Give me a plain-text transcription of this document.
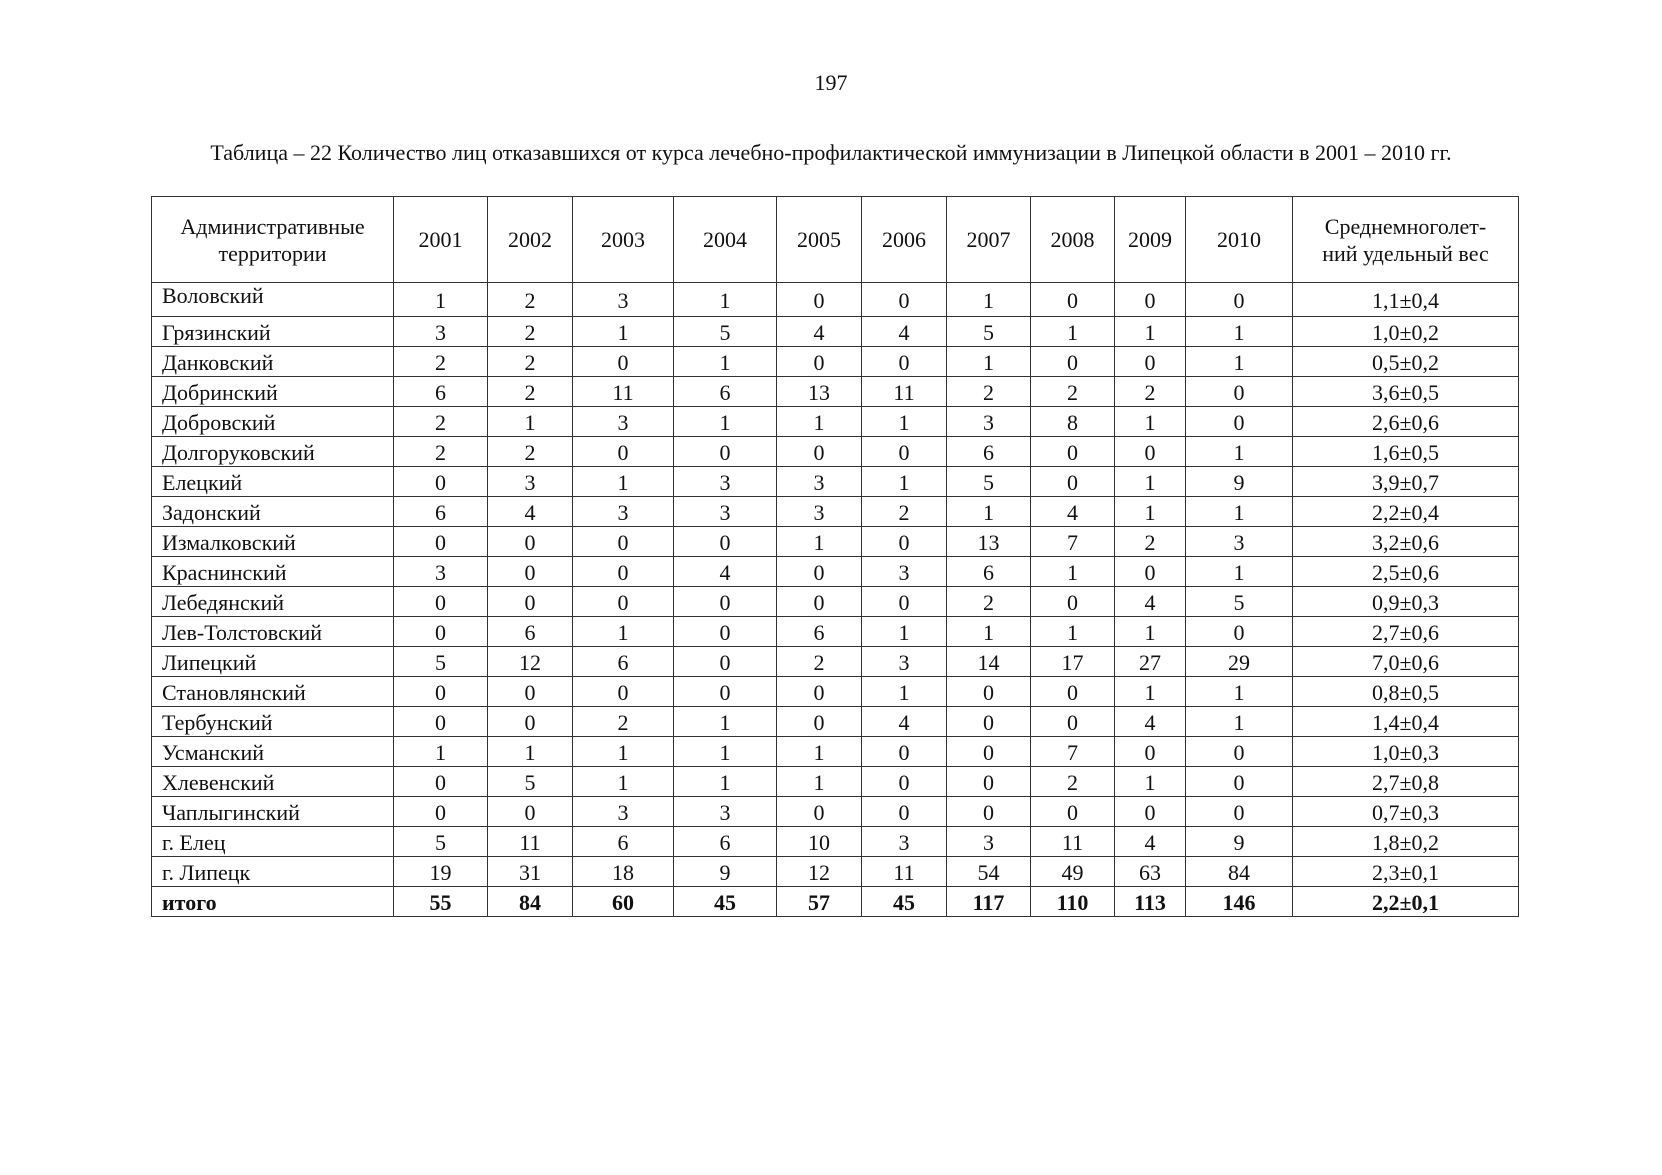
197
Таблица – 22 Количество лиц отказавшихся от курса лечебно-профилактической иммунизации в Липецкой области в 2001 – 2010 гг.
Административные
территории	2001	2002	2003	2004	2005	2006	2007	2008	2009	2010	Среднемноголет-
ний удельный вес
Воловский	1	2	3	1	0	0	1	0	0	0	1,1±0,4
Грязинский	3	2	1	5	4	4	5	1	1	1	1,0±0,2
Данковский	2	2	0	1	0	0	1	0	0	1	0,5±0,2
Добринский	6	2	11	6	13	11	2	2	2	0	3,6±0,5
Добровский	2	1	3	1	1	1	3	8	1	0	2,6±0,6
Долгоруковский	2	2	0	0	0	0	6	0	0	1	1,6±0,5
Елецкий	0	3	1	3	3	1	5	0	1	9	3,9±0,7
Задонский	6	4	3	3	3	2	1	4	1	1	2,2±0,4
Измалковский	0	0	0	0	1	0	13	7	2	3	3,2±0,6
Краснинский	3	0	0	4	0	3	6	1	0	1	2,5±0,6
Лебедянский	0	0	0	0	0	0	2	0	4	5	0,9±0,3
Лев-Толстовский	0	6	1	0	6	1	1	1	1	0	2,7±0,6
Липецкий	5	12	6	0	2	3	14	17	27	29	7,0±0,6
Становлянский	0	0	0	0	0	1	0	0	1	1	0,8±0,5
Тербунский	0	0	2	1	0	4	0	0	4	1	1,4±0,4
Усманский	1	1	1	1	1	0	0	7	0	0	1,0±0,3
Хлевенский	0	5	1	1	1	0	0	2	1	0	2,7±0,8
Чаплыгинский	0	0	3	3	0	0	0	0	0	0	0,7±0,3
г. Елец	5	11	6	6	10	3	3	11	4	9	1,8±0,2
г. Липецк	19	31	18	9	12	11	54	49	63	84	2,3±0,1
итого	55	84	60	45	57	45	117	110	113	146	2,2±0,1
